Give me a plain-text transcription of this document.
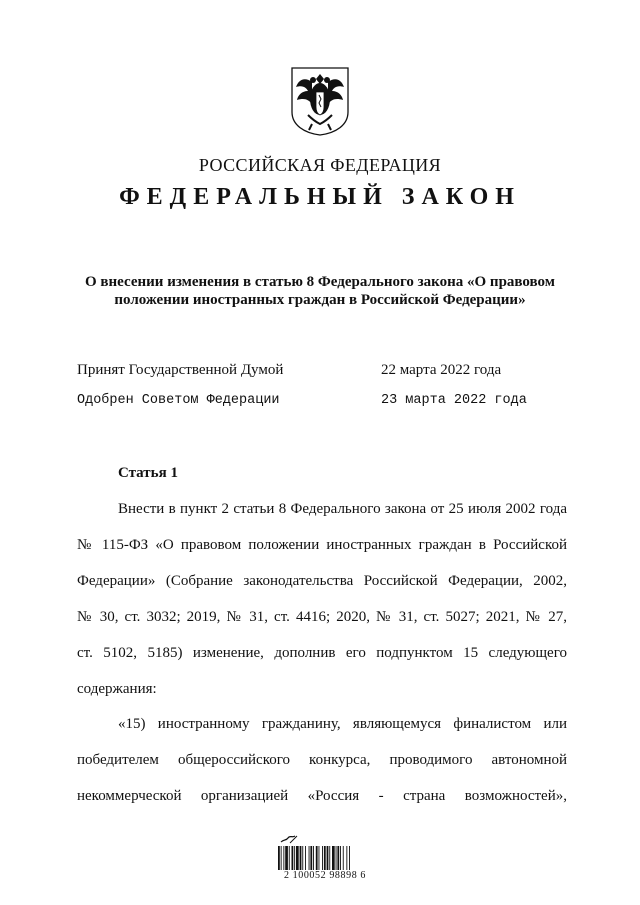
РОССИЙСКАЯ ФЕДЕРАЦИЯ
ФЕДЕРАЛЬНЫЙ ЗАКОН
О внесении изменения в статью 8 Федерального закона «О правовом
положении иностранных граждан в Российской Федерации»
Принят Государственной Думой	22 марта 2022 года
Одобрен Советом Федерации	23 марта 2022 года
Статья 1
Внести в пункт 2 статьи 8 Федерального закона от 25 июля 2002 года
№ 115-ФЗ «О правовом положении иностранных граждан в Российской
Федерации» (Собрание законодательства Российской Федерации, 2002,
№ 30, ст. 3032; 2019, № 31, ст. 4416; 2020, № 31, ст. 5027; 2021, № 27,
ст. 5102, 5185) изменение, дополнив его подпунктом 15 следующего
содержания:
«15) иностранному гражданину, являющемуся финалистом или
победителем общероссийского конкурса, проводимого автономной
некоммерческой организацией «Россия - страна возможностей»,
2 100052 98898 6
